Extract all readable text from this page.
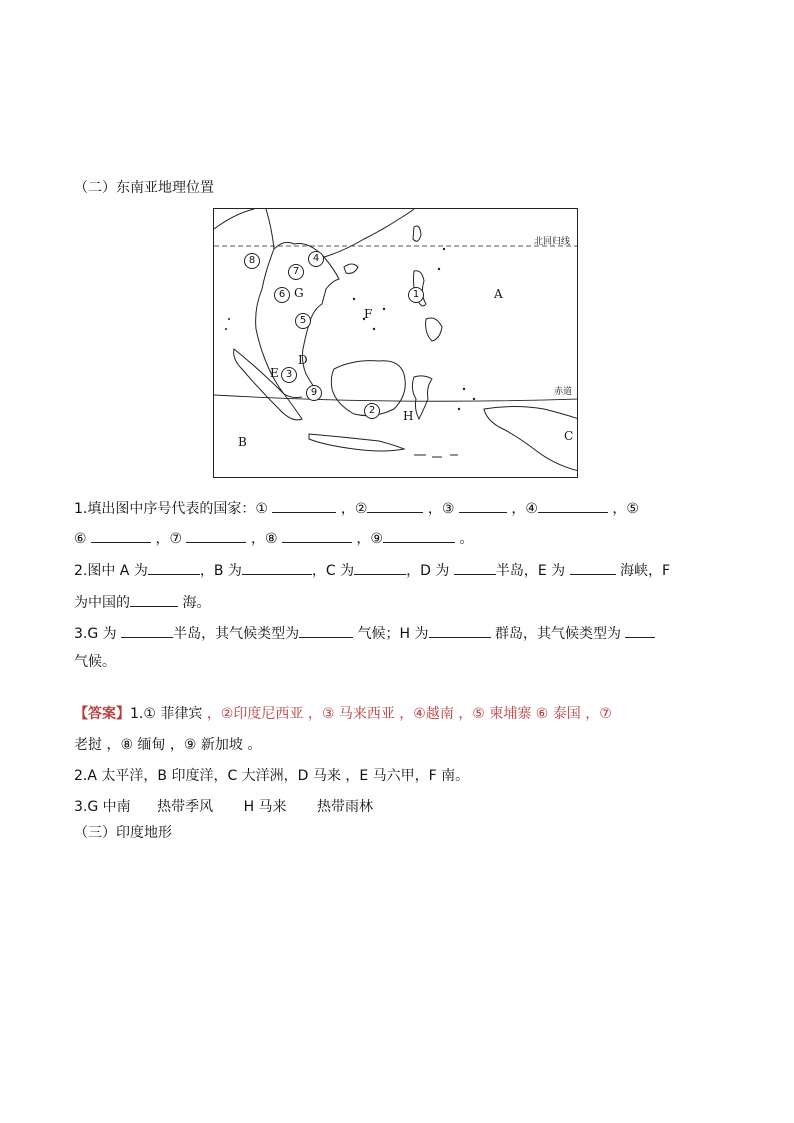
（二）东南亚地理位置
北回归线
赤道
A
B	C
D
E
F
G
H
1
2
3
4
5
6
7
8
9
1.填出图中序号代表的国家：①	，②	，③	，④	，⑤
⑥	，⑦	，⑧	，⑨	。
2.图中 A 为	，B 为	，C 为	，D 为	半岛，E 为	海峡，F
为中国的	海。
3.G 为	半岛，其气候类型为	气候；H 为	群岛，其气候类型为
气候。
【答案】1.① 菲律宾 ，②印度尼西亚 ，③ 马来西亚 ，④越南 ，⑤ 柬埔寨 ⑥ 泰国 ，⑦
老挝 ，⑧ 缅甸 ，⑨ 新加坡 。
2.A 太平洋，B 印度洋，C 大洋洲，D 马来 ，E 马六甲，F 南。
3.G 中南 热带季风 H 马来 热带雨林
（三）印度地形
